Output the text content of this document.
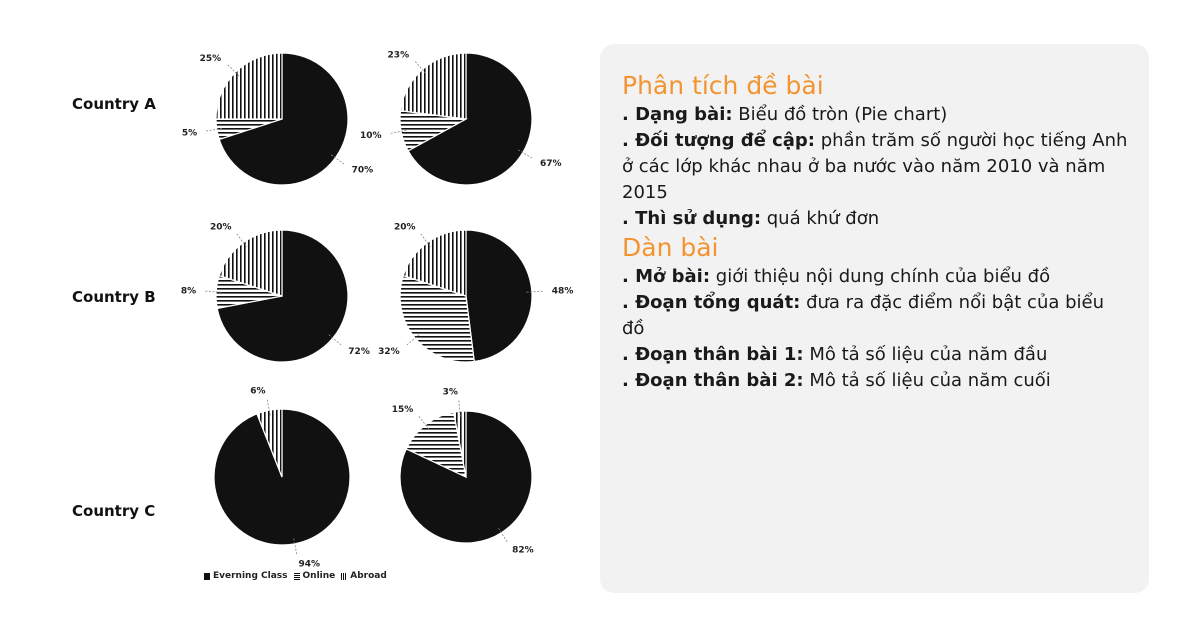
70%
5%
25%
67%
10%
23%
72%
8%
20%
48%
32%
20%
94%
6%
82%
15%
3%
Country A
Country B
Country C
Everning Class Online Abroad
Phân tích đề bài
. Dạng bài: Biểu đồ tròn (Pie chart)
. Đối tượng để cập: phần trăm số người học tiếng Anh ở các lớp khác nhau ở ba nước vào năm 2010 và năm 2015
. Thì sử dụng: quá khứ đơn
Dàn bài
. Mở bài: giới thiệu nội dung chính của biểu đồ
. Đoạn tổng quát: đưa ra đặc điểm nổi bật của biểu đồ
. Đoạn thân bài 1: Mô tả số liệu của năm đầu
. Đoạn thân bài 2: Mô tả số liệu của năm cuối
